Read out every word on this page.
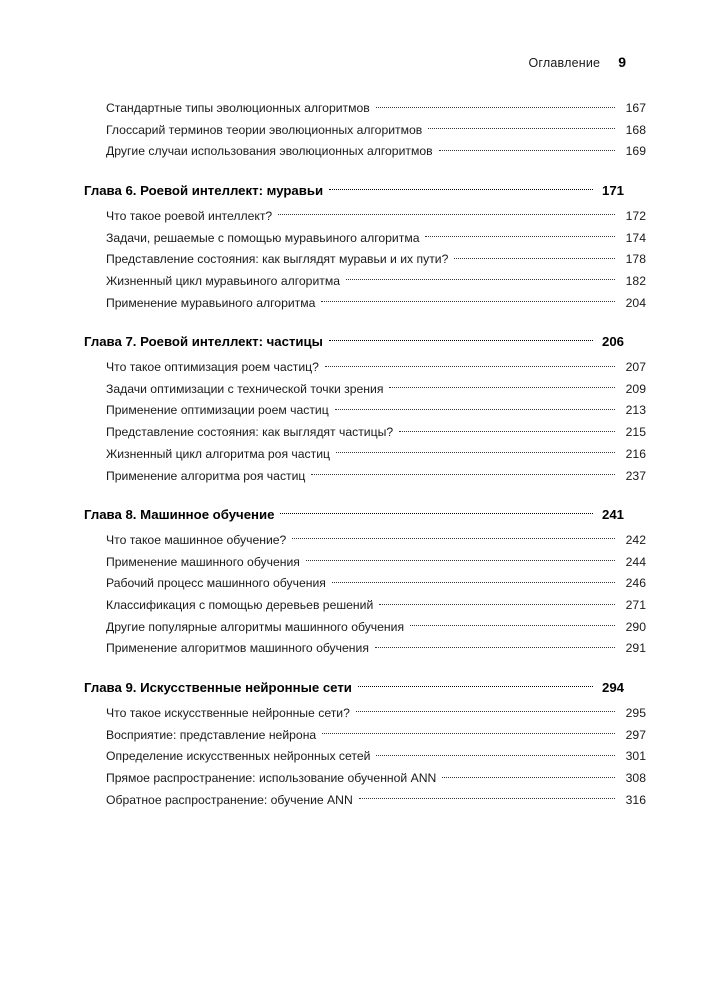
Оглавление 9
Стандартные типы эволюционных алгоритмов	167
Глоссарий терминов теории эволюционных алгоритмов	168
Другие случаи использования эволюционных алгоритмов	169
Глава 6. Роевой интеллект: муравьи	171
Что такое роевой интеллект?	172
Задачи, решаемые с помощью муравьиного алгоритма	174
Представление состояния: как выглядят муравьи и их пути?	178
Жизненный цикл муравьиного алгоритма	182
Применение муравьиного алгоритма	204
Глава 7. Роевой интеллект: частицы	206
Что такое оптимизация роем частиц?	207
Задачи оптимизации с технической точки зрения	209
Применение оптимизации роем частиц	213
Представление состояния: как выглядят частицы?	215
Жизненный цикл алгоритма роя частиц	216
Применение алгоритма роя частиц	237
Глава 8. Машинное обучение	241
Что такое машинное обучение?	242
Применение машинного обучения	244
Рабочий процесс машинного обучения	246
Классификация с помощью деревьев решений	271
Другие популярные алгоритмы машинного обучения	290
Применение алгоритмов машинного обучения	291
Глава 9. Искусственные нейронные сети	294
Что такое искусственные нейронные сети?	295
Восприятие: представление нейрона	297
Определение искусственных нейронных сетей	301
Прямое распространение: использование обученной ANN	308
Обратное распространение: обучение ANN	316
